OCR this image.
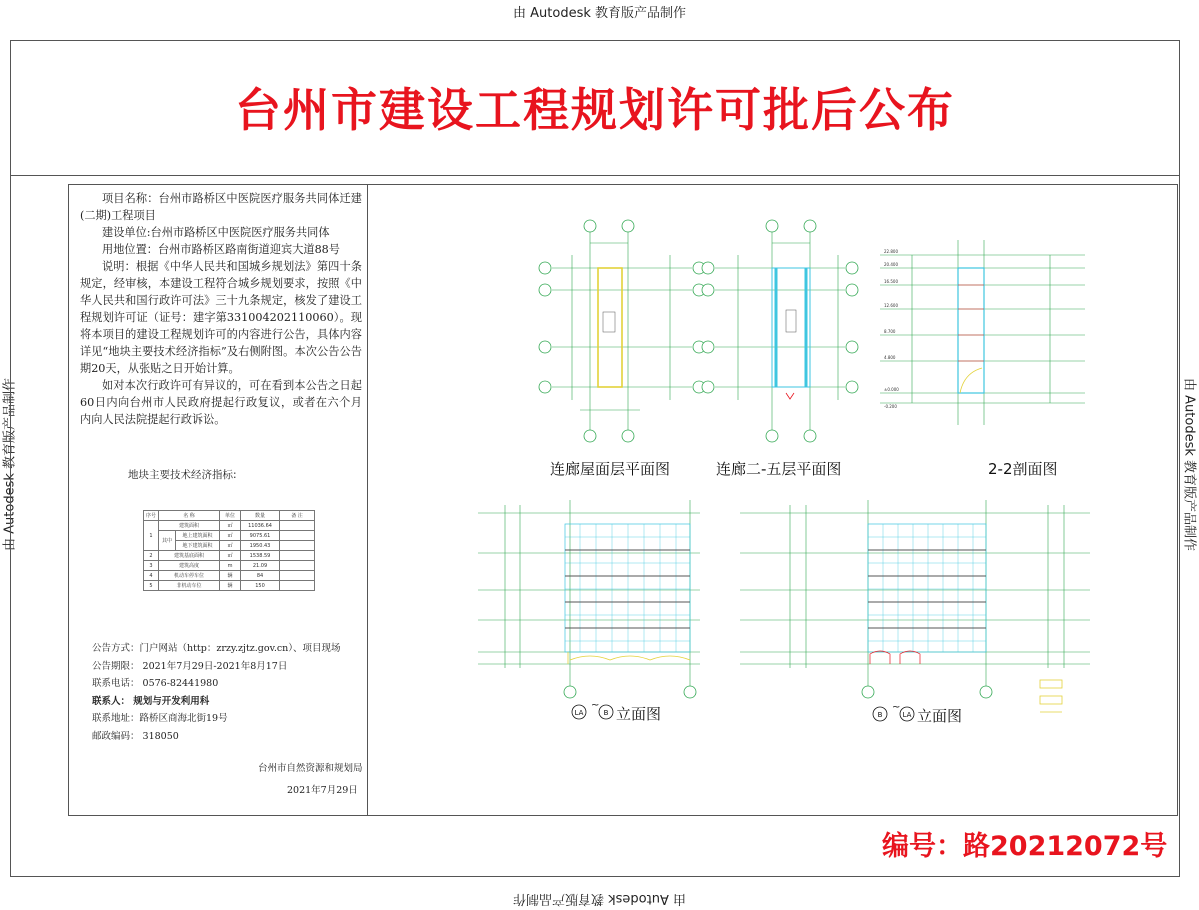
由 Autodesk 教育版产品制作
由 Autodesk 教育版产品制作
由 Autodesk 教育版产品制作	由 Autodesk 教育版产品制作
台州市建设工程规划许可批后公布

项目名称：台州市路桥区中医院医疗服务共同体迁建(二期)工程项目

建设单位:台州市路桥区中医院医疗服务共同体

用地位置：台州市路桥区路南街道迎宾大道88号

说明：根据《中华人民共和国城乡规划法》第四十条规定，经审核，本建设工程符合城乡规划要求，按照《中华人民共和国行政许可法》三十九条规定，核发了建设工程规划许可证（证号：建字第331004202110060）。现将本项目的建设工程规划许可的内容进行公告，具体内容详见“地块主要技术经济指标”及右侧附图。本次公告公告期20天，从张贴之日开始计算。

如对本次行政许可有异议的，可在看到本公告之日起60日内向台州市人民政府提起行政复议，或者在六个月内向人民法院提起行政诉讼。

地块主要技术经济指标:
序号	名 称		单位	数量	备 注
1	建筑面积		㎡	11036.64	
	其中	地上建筑面积	㎡	9075.61	
		地下建筑面积	㎡	1950.43	
2	建筑基底面积		㎡	1538.59	
3	建筑高度		m	21.09	
4	机动车停车位		辆	84	
5	非机动车位		辆	150	
公告方式：门户网站（http：zrzy.zjtz.gov.cn）、项目现场
公告期限： 2021年7月29日-2021年8月17日
联系电话： 0576-82441980
联系人： 规划与开发利用科
联系地址：路桥区商海北街19号
邮政编码： 318050
台州市自然资源和规划局
2021年7月29日
22.800
20.400
16.500
12.600
8.700
4.800
±0.000
-0.200
LA	B	B	LA
~	~
连廊屋面层平面图	连廊二-五层平面图	2-2剖面图
立面图	立面图
编号：路20212072号
